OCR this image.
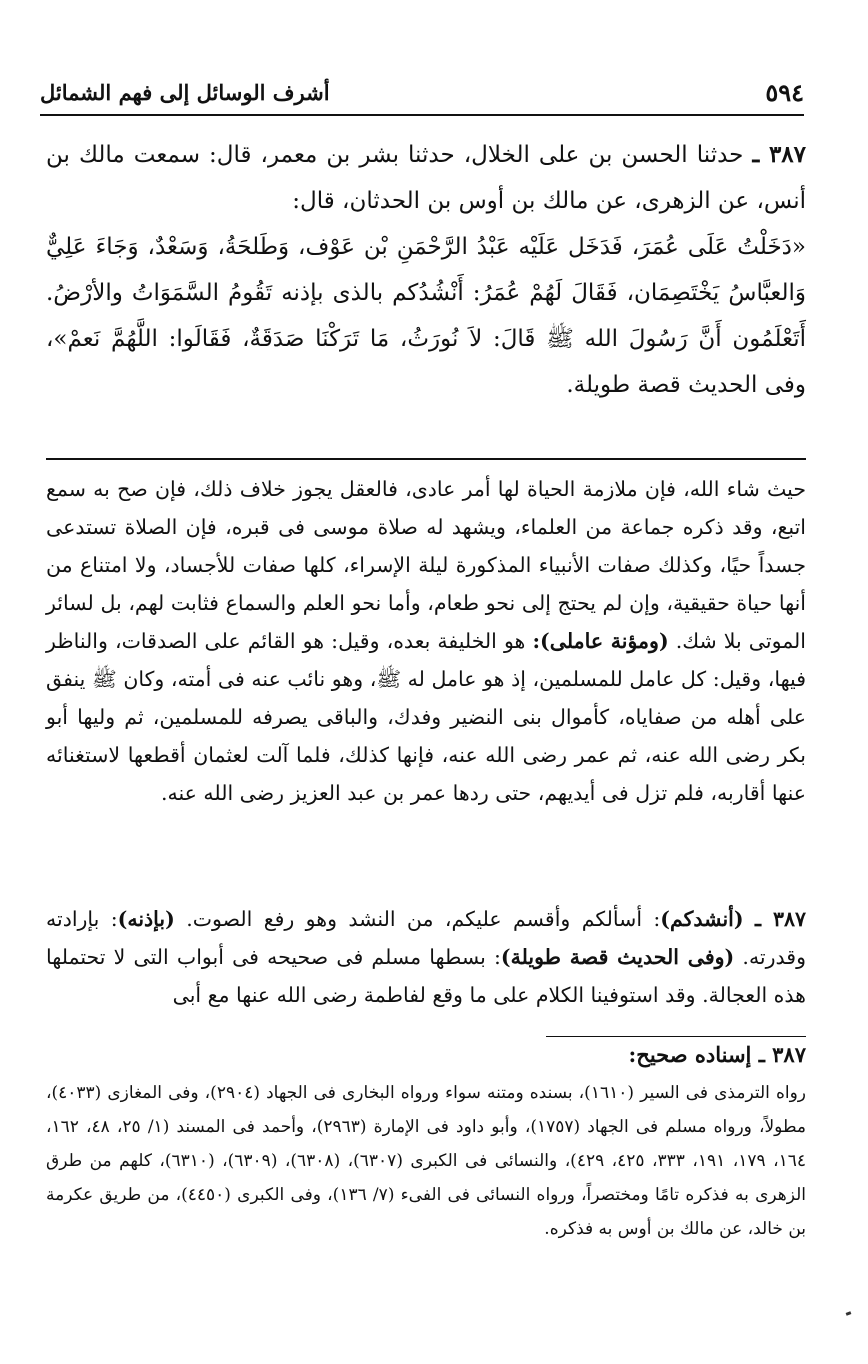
٥٩٤
أشرف الوسائل إلى فهم الشمائل

٣٨٧ ـ حدثنا الحسن بن على الخلال، حدثنا بشر بن معمر، قال: سمعت مالك بن أنس، عن الزهرى، عن مالك بن أوس بن الحدثان، قال:

«دَخَلْتُ عَلَى عُمَرَ، فَدَخَل عَلَيْه عَبْدُ الرَّحْمَنِ بْن عَوْف، وَطَلحَةُ، وَسَعْدٌ، وَجَاءَ عَلِيٌّ وَالعبَّاسُ يَخْتَصِمَان، فَقَالَ لَهُمْ عُمَرُ: أَنْشُدُكم بالذى بإذنه تَقُومُ السَّمَوَاتُ والأرْضُ. أَتَعْلَمُون أَنَّ رَسُولَ الله ﷺ قَالَ: لاَ نُورَثُ، مَا تَرَكْنَا صَدَقَةٌ، فَقَالَوا: اللَّهُمَّ نَعمْ»، وفى الحديث قصة طويلة.

حيث شاء الله، فإن ملازمة الحياة لها أمر عادى، فالعقل يجوز خلاف ذلك، فإن صح به سمع اتبع، وقد ذكره جماعة من العلماء، ويشهد له صلاة موسى فى قبره، فإن الصلاة تستدعى جسداً حيًا، وكذلك صفات الأنبياء المذكورة ليلة الإسراء، كلها صفات للأجساد، ولا امتناع من أنها حياة حقيقية، وإن لم يحتج إلى نحو طعام، وأما نحو العلم والسماع فثابت لهم، بل لسائر الموتى بلا شك. (ومؤنة عاملى): هو الخليفة بعده، وقيل: هو القائم على الصدقات، والناظر فيها، وقيل: كل عامل للمسلمين، إذ هو عامل له ﷺ، وهو نائب عنه فى أمته، وكان ﷺ ينفق على أهله من صفاياه، كأموال بنى النضير وفدك، والباقى يصرفه للمسلمين، ثم وليها أبو بكر رضى الله عنه، ثم عمر رضى الله عنه، فإنها كذلك، فلما آلت لعثمان أقطعها لاستغنائه عنها أقاربه، فلم تزل فى أيديهم، حتى ردها عمر بن عبد العزيز رضى الله عنه.

٣٨٧ ـ (أنشدكم): أسألكم وأقسم عليكم، من النشد وهو رفع الصوت. (بإذنه): بإرادته وقدرته. (وفى الحديث قصة طويلة): بسطها مسلم فى صحيحه فى أبواب التى لا تحتملها هذه العجالة. وقد استوفينا الكلام على ما وقع لفاطمة رضى الله عنها مع أبى

٣٨٧ ـ إسناده صحيح:

رواه الترمذى فى السير (١٦١٠)، بسنده ومتنه سواء ورواه البخارى فى الجهاد (٢٩٠٤)، وفى المغازى (٤٠٣٣)، مطولاً، ورواه مسلم فى الجهاد (١٧٥٧)، وأبو داود فى الإمارة (٢٩٦٣)، وأحمد فى المسند (١/ ٢٥، ٤٨، ١٦٢، ١٦٤، ١٧٩، ١٩١، ٣٣٣، ٤٢٥، ٤٢٩)، والنسائى فى الكبرى (٦٣٠٧)، (٦٣٠٨)، (٦٣٠٩)، (٦٣١٠)، كلهم من طرق الزهرى به فذكره تامًا ومختصراً، ورواه النسائى فى الفىء (٧/ ١٣٦)، وفى الكبرى (٤٤٥٠)، من طريق عكرمة بن خالد، عن مالك بن أوس به فذكره.
